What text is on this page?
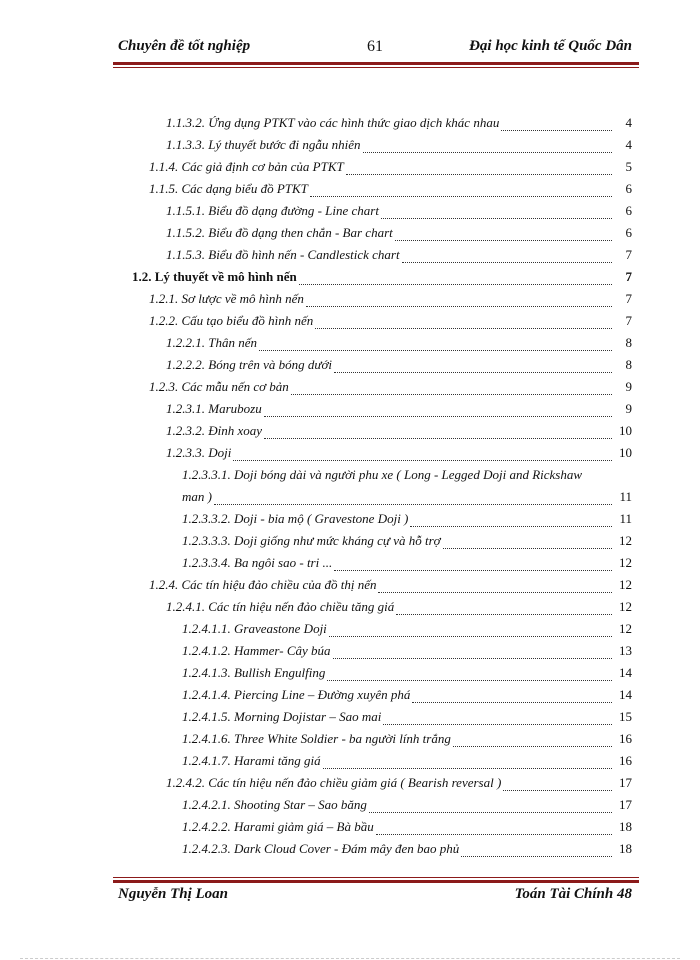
Chuyên đề tốt nghiệp	61	Đại học kinh tế Quốc Dân
1.1.3.2. Ứng dụng PTKT vào các hình thức giao dịch khác nhau	4
1.1.3.3. Lý thuyết bước đi ngẫu nhiên	4
1.1.4. Các giả định cơ bản của PTKT	5
1.1.5. Các dạng biểu đồ PTKT	6
1.1.5.1. Biểu đồ dạng đường - Line chart	6
1.1.5.2. Biểu đồ dạng then chắn - Bar chart	6
1.1.5.3. Biểu đồ hình nến - Candlestick chart	7
1.2. Lý thuyết về mô hình nến	7
1.2.1. Sơ lược về mô hình nến	7
1.2.2. Cấu tạo biểu đồ hình nến	7
1.2.2.1. Thân nến	8
1.2.2.2. Bóng trên và bóng dưới	8
1.2.3. Các mẫu nến cơ bản	9
1.2.3.1. Marubozu	9
1.2.3.2. Đỉnh xoay	10
1.2.3.3. Doji	10
1.2.3.3.1. Doji bóng dài và người phu xe ( Long - Legged Doji and Rickshaw
man )	11
1.2.3.3.2. Doji - bia mộ ( Gravestone Doji )	11
1.2.3.3.3. Doji giống như mức kháng cự và hỗ trợ	12
1.2.3.3.4. Ba ngôi sao - tri ...	12
1.2.4. Các tín hiệu đảo chiều của đồ thị nến	12
1.2.4.1. Các tín hiệu nến đảo chiều tăng giá	12
1.2.4.1.1. Graveastone Doji	12
1.2.4.1.2. Hammer- Cây búa	13
1.2.4.1.3. Bullish Engulfing	14
1.2.4.1.4. Piercing Line – Đường xuyên phá	14
1.2.4.1.5. Morning Dojistar – Sao mai	15
1.2.4.1.6. Three White Soldier - ba người lính trắng	16
1.2.4.1.7. Harami tăng giá	16
1.2.4.2. Các tín hiệu nến đảo chiều giảm giá ( Bearish reversal )	17
1.2.4.2.1. Shooting Star – Sao băng	17
1.2.4.2.2. Harami giảm giá – Bà bầu	18
1.2.4.2.3. Dark Cloud Cover - Đám mây đen bao phủ	18
Nguyễn Thị Loan	Toán Tài Chính 48
